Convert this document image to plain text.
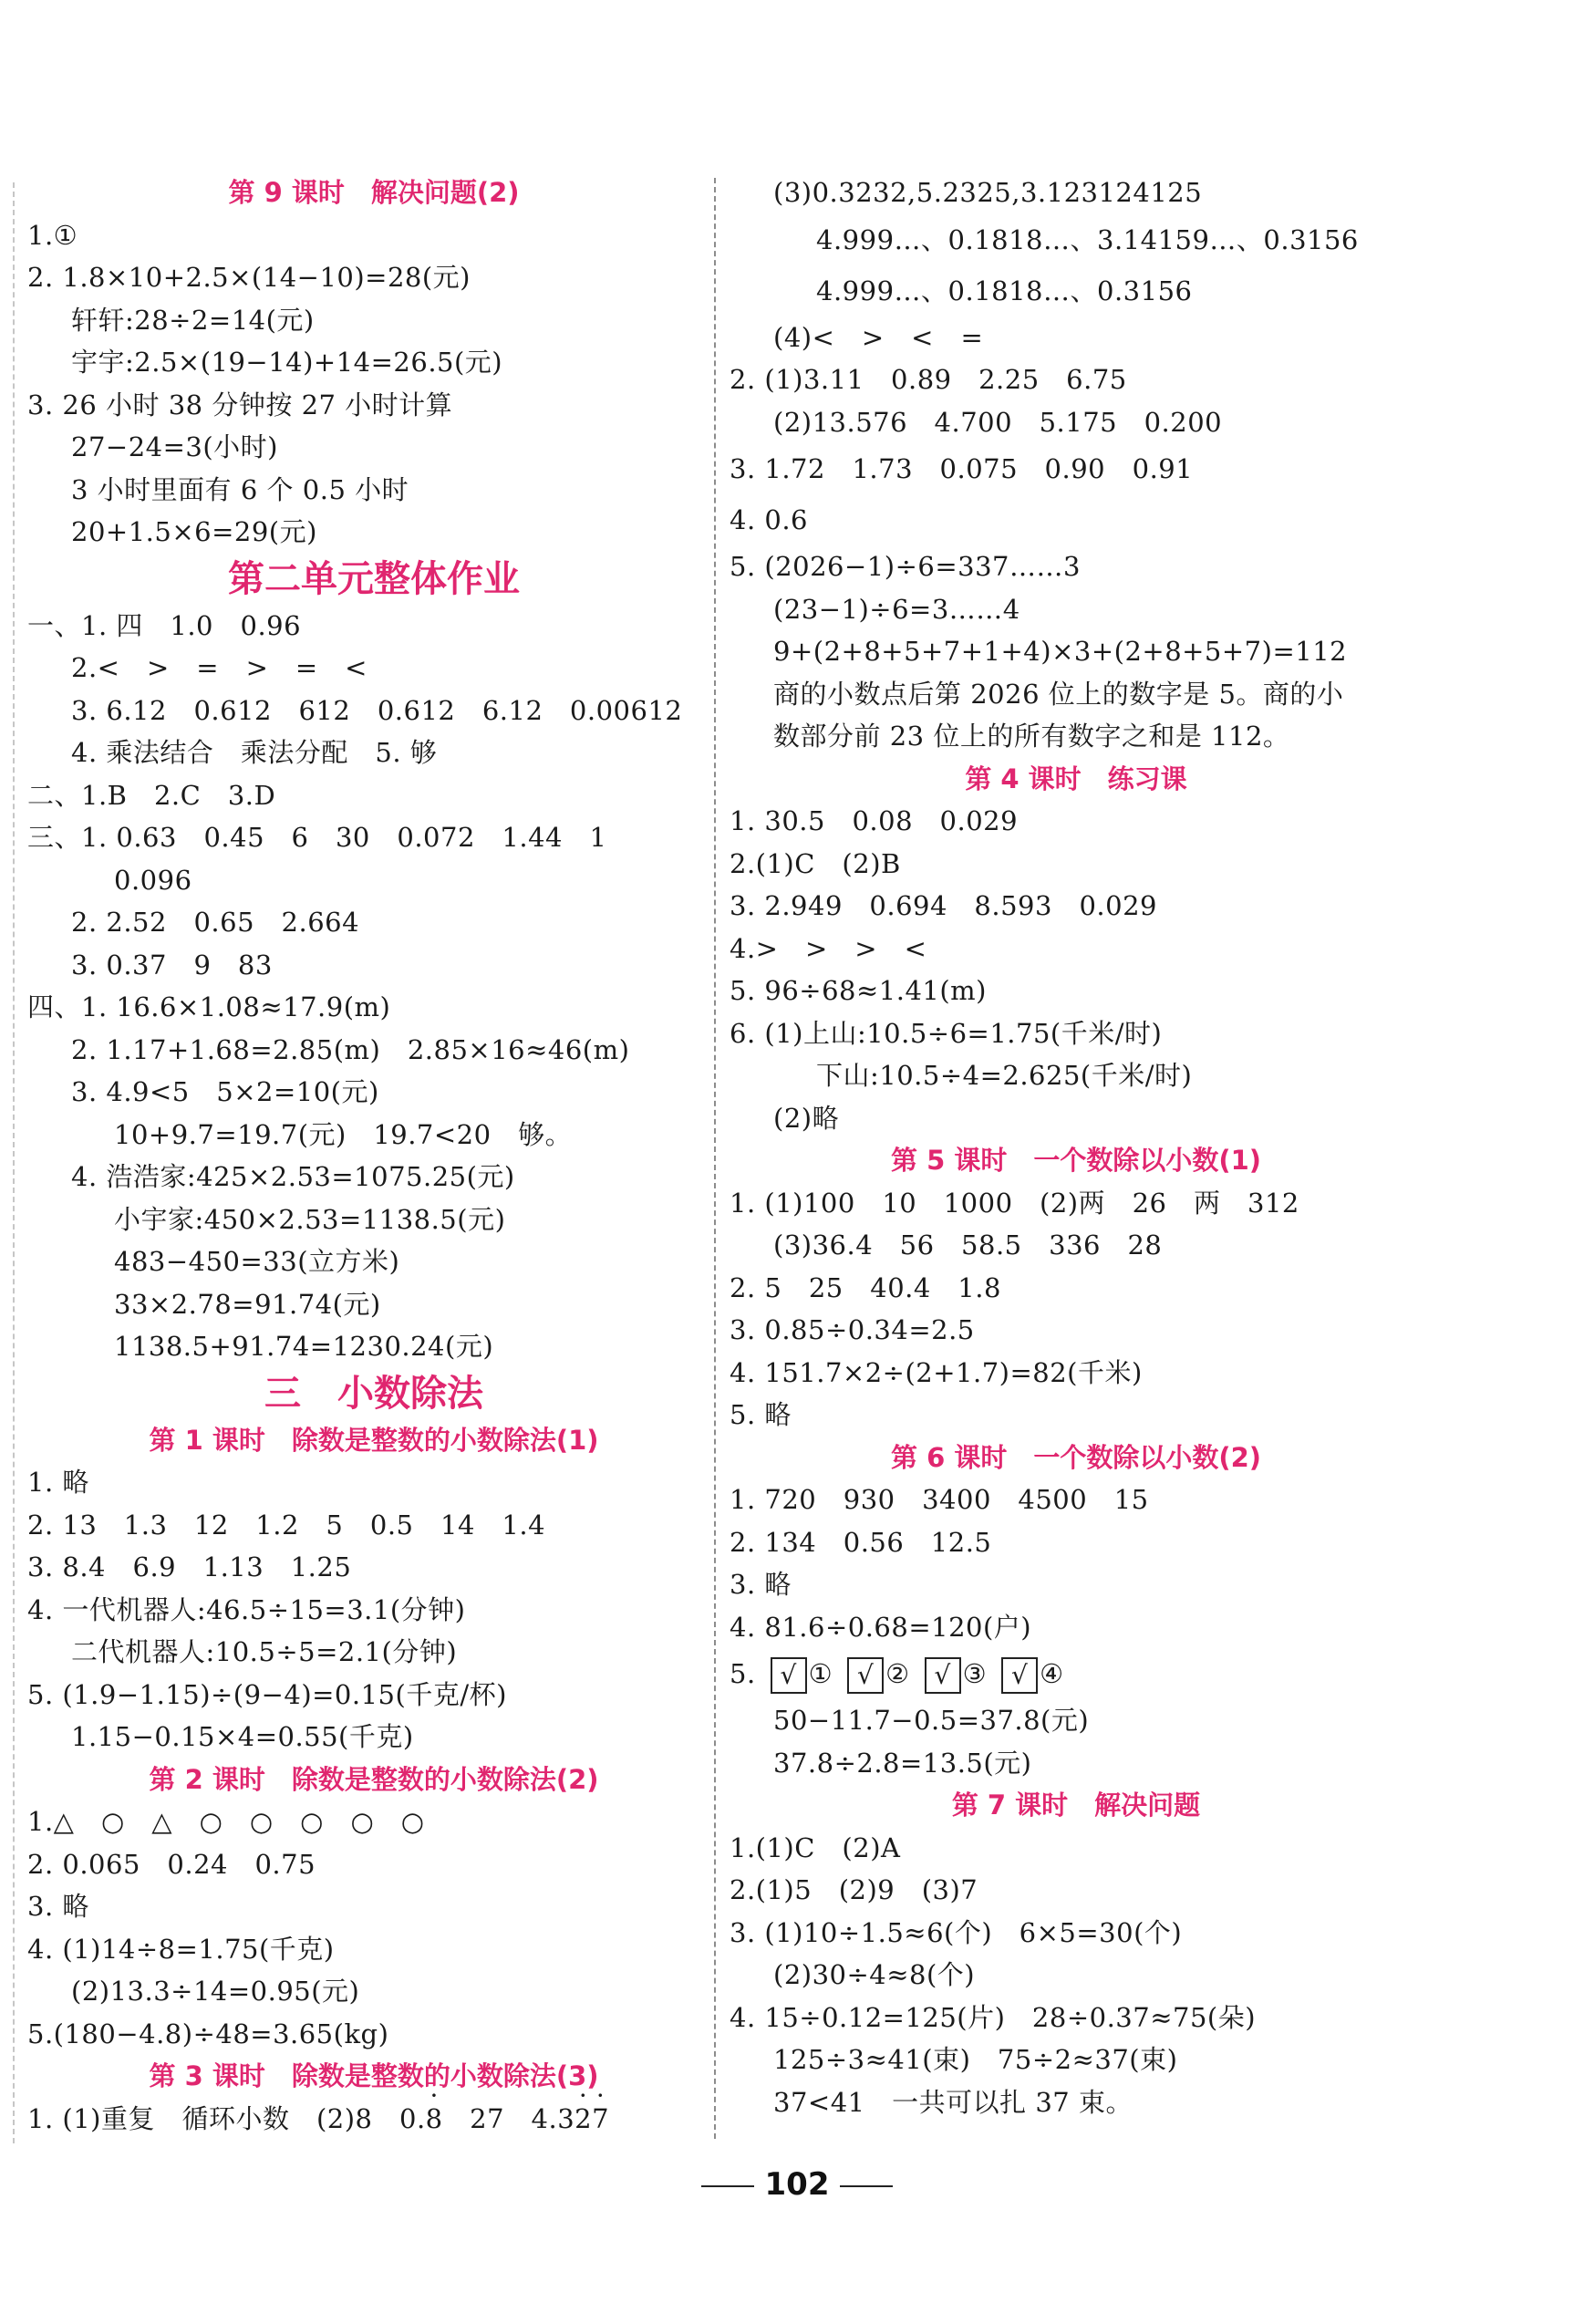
第 9 课时　解决问题(2)
1.①
2. 1.8×10+2.5×(14−10)=28(元)
轩轩:28÷2=14(元)
宇宇:2.5×(19−14)+14=26.5(元)
3. 26 小时 38 分钟按 27 小时计算
27−24=3(小时)
3 小时里面有 6 个 0.5 小时
20+1.5×6=29(元)
第二单元整体作业
一、1. 四　1.0　0.96
2.<　>　=　>　=　<
3. 6.12　0.612　612　0.612　6.12　0.00612
4. 乘法结合　乘法分配　5. 够
二、1.B　2.C　3.D
三、1. 0.63　0.45　6　30　0.072　1.44　1
0.096
2. 2.52　0.65　2.664
3. 0.37　9　83
四、1. 16.6×1.08≈17.9(m)
2. 1.17+1.68=2.85(m)　2.85×16≈46(m)
3. 4.9<5　5×2=10(元)
10+9.7=19.7(元)　19.7<20　够。
4. 浩浩家:425×2.53=1075.25(元)
小宇家:450×2.53=1138.5(元)
483−450=33(立方米)
33×2.78=91.74(元)
1138.5+91.74=1230.24(元)
三　小数除法
第 1 课时　除数是整数的小数除法(1)
1. 略
2. 13　1.3　12　1.2　5　0.5　14　1.4
3. 8.4　6.9　1.13　1.25
4. 一代机器人:46.5÷15=3.1(分钟)
二代机器人:10.5÷5=2.1(分钟)
5. (1.9−1.15)÷(9−4)=0.15(千克/杯)
1.15−0.15×4=0.55(千克)
第 2 课时　除数是整数的小数除法(2)
1.△　○　△　○　○　○　○　○
2. 0.065　0.24　0.75
3. 略
4. (1)14÷8=1.75(千克)
(2)13.3÷14=0.95(元)
5.(180−4.8)÷48=3.65(kg)
第 3 课时　除数是整数的小数除法(3)
1. (1)重复　循环小数　(2)8　0.8 ·　27　4.32 ·7 ·
(3)0.3232,5.2325,3.123124125
4.999…、0.1818…、3.14159…、0.3156
4.999…、0.1818…、0.3156
(4)<　>　<　=
2. (1)3.11　0.89　2.25　6.75
(2)13.576　4.700　5.175　0.200
3. 1.72　1.73　0.075　0.90　0.91
4. 0.6
5. (2026−1)÷6=337……3
(23−1)÷6=3……4
9+(2+8+5+7+1+4)×3+(2+8+5+7)=112
商的小数点后第 2026 位上的数字是 5。商的小
数部分前 23 位上的所有数字之和是 112。
第 4 课时　练习课
1. 30.5　0.08　0.029
2.(1)C　(2)B
3. 2.949　0.694　8.593　0.029
4.>　>　>　<
5. 96÷68≈1.41(m)
6. (1)上山:10.5÷6=1.75(千米/时)
下山:10.5÷4=2.625(千米/时)
(2)略
第 5 课时　一个数除以小数(1)
1. (1)100　10　1000　(2)两　26　两　312
(3)36.4　56　58.5　336　28
2. 5　25　40.4　1.8
3. 0.85÷0.34=2.5
4. 151.7×2÷(2+1.7)=82(千米)
5. 略
第 6 课时　一个数除以小数(2)
1. 720　930　3400　4500　15
2. 134　0.56　12.5
3. 略
4. 81.6÷0.68=120(户)
5. √ ① √ ② √ ③ √ ④
50−11.7−0.5=37.8(元)
37.8÷2.8=13.5(元)
第 7 课时　解决问题
1.(1)C　(2)A
2.(1)5　(2)9　(3)7
3. (1)10÷1.5≈6(个)　6×5=30(个)
(2)30÷4≈8(个)
4. 15÷0.12=125(片)　28÷0.37≈75(朵)
125÷3≈41(束)　75÷2≈37(束)
37<41　一共可以扎 37 束。
102
